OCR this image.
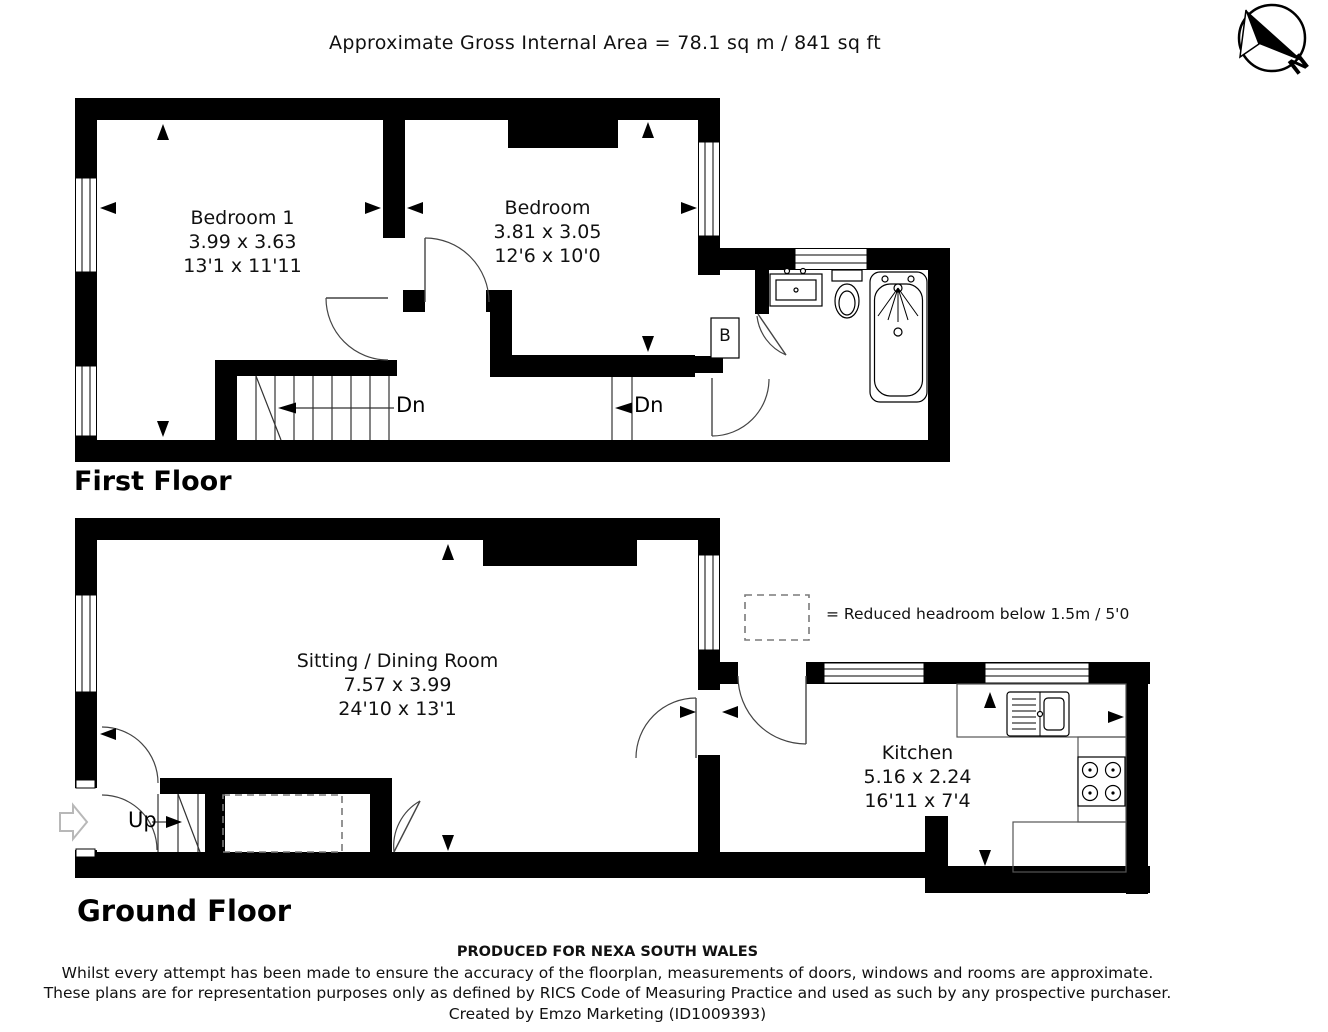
N
Approximate Gross Internal Area = 78.1 sq m / 841 sq ft
Bedroom 1
3.99 x 3.63
13'1 x 11'11
Bedroom
3.81 x 3.05
12'6 x 10'0
Sitting / Dining Room
7.57 x 3.99
24'10 x 13'1
Kitchen
5.16 x 2.24
16'11 x 7'4
Dn	Dn
Up
B
= Reduced headroom below 1.5m / 5'0
First Floor
Ground Floor
PRODUCED FOR NEXA SOUTH WALES
Whilst every attempt has been made to ensure the accuracy of the floorplan, measurements of doors, windows and rooms are approximate.
These plans are for representation purposes only as defined by RICS Code of Measuring Practice and used as such by any prospective purchaser.
Created by Emzo Marketing (ID1009393)
